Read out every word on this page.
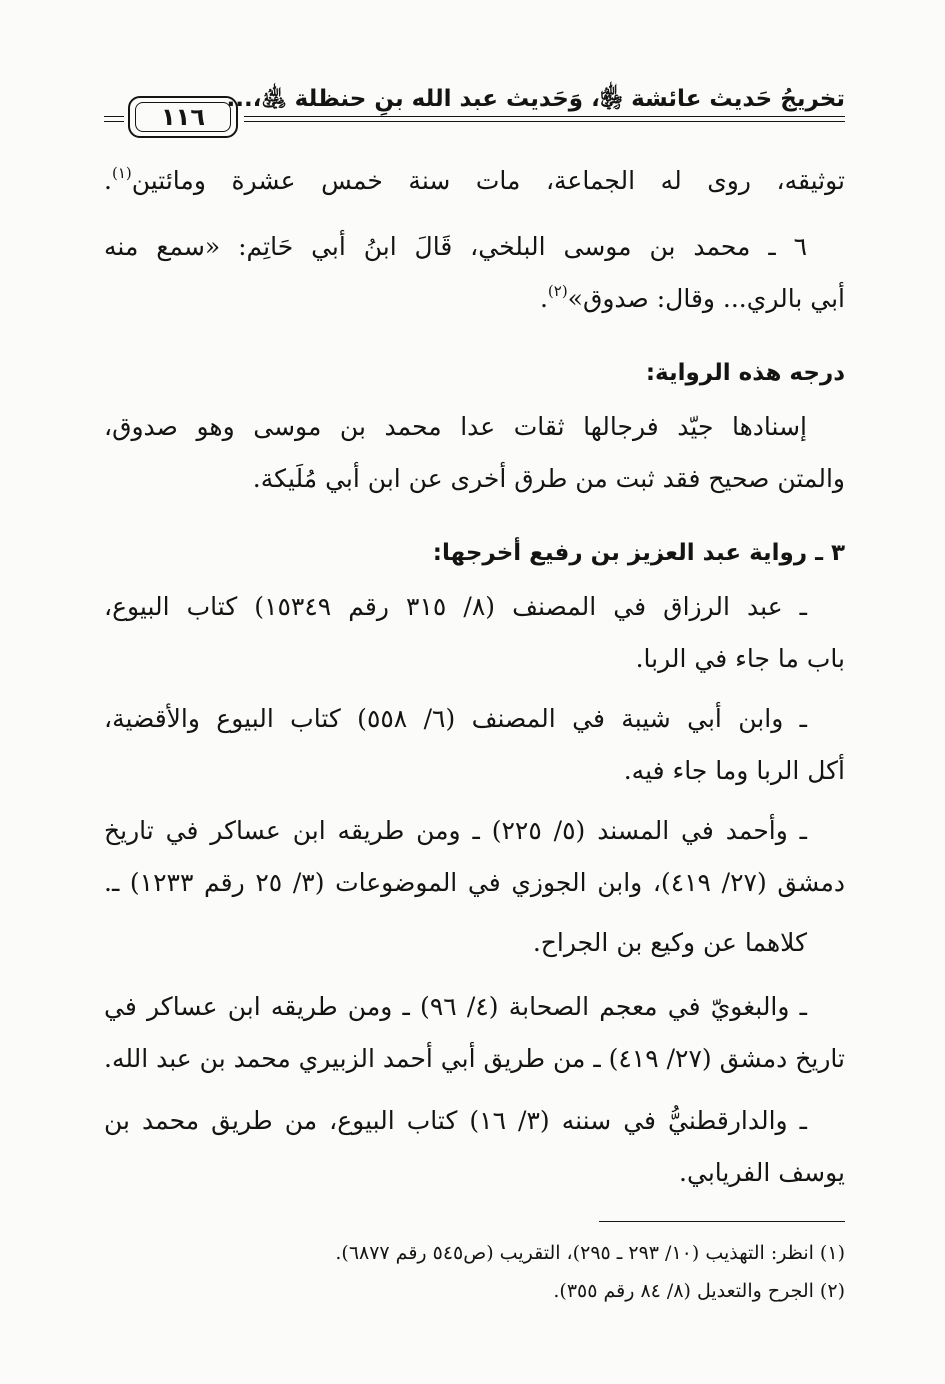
تخريجُ حَديث عائشة ﵂، وَحَديث عبد الله بنِ حنظلة ﵁،...
١١٦
توثيقه، روى له الجماعة، مات سنة خمس عشرة ومائتين$^{(١)}$.
٦ ـ محمد بن موسى البلخي، قَالَ ابنُ أبي حَاتِم: «سمع منه
أبي بالري... وقال: صدوق»$^{(٢)}$.
درجه هذه الرواية:
إسنادها جيّد فرجالها ثقات عدا محمد بن موسى وهو صدوق،
والمتن صحيح فقد ثبت من طرق أخرى عن ابن أبي مُلَيكة.
٣ ـ رواية عبد العزيز بن رفيع أخرجها:
ـ عبد الرزاق في المصنف (٨/ ٣١٥ رقم ١٥٣٤٩) كتاب البيوع،
باب ما جاء في الربا.
ـ وابن أبي شيبة في المصنف (٦/ ٥٥٨) كتاب البيوع والأقضية،
أكل الربا وما جاء فيه.
ـ وأحمد في المسند (٥/ ٢٢٥) ـ ومن طريقه ابن عساكر في تاريخ
دمشق (٢٧/ ٤١٩)، وابن الجوزي في الموضوعات (٣/ ٢٥ رقم ١٢٣٣) ـ.
كلاهما عن وكيع بن الجراح.
ـ والبغويّ في معجم الصحابة (٤/ ٩٦) ـ ومن طريقه ابن عساكر في
تاريخ دمشق (٢٧/ ٤١٩) ـ من طريق أبي أحمد الزبيري محمد بن عبد الله.
ـ والدارقطنيُّ في سننه (٣/ ١٦) كتاب البيوع، من طريق محمد بن
يوسف الفريابي.
(١) انظر: التهذيب (١٠/ ٢٩٣ ـ ٢٩٥)، التقريب (ص٥٤٥ رقم ٦٨٧٧).
(٢) الجرح والتعديل (٨/ ٨٤ رقم ٣٥٥).
